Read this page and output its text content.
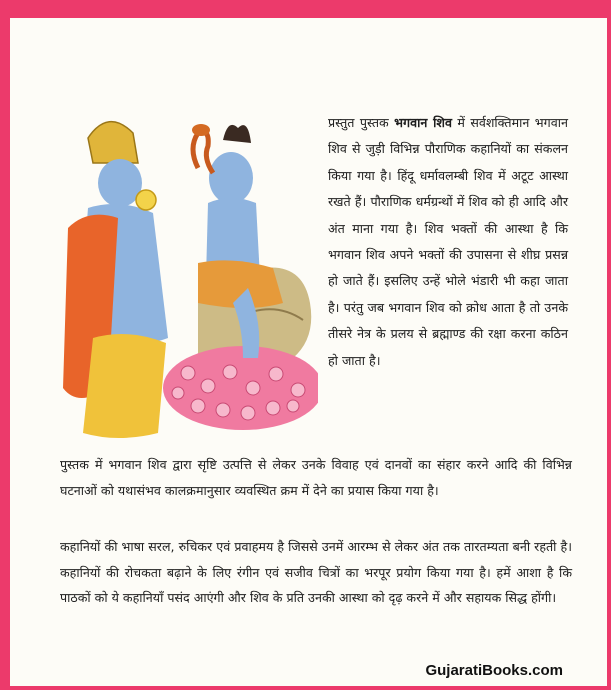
प्रस्तुत पुस्तक भगवान शिव में सर्वशक्तिमान भगवान शिव से जुड़ी विभिन्न पौराणिक कहानियों का संकलन किया गया है। हिंदू धर्मावलम्बी शिव में अटूट आस्था रखते हैं। पौराणिक धर्मग्रन्थों में शिव को ही आदि और अंत माना गया है। शिव भक्तों की आस्था है कि भगवान शिव अपने भक्तों की उपासना से शीघ्र प्रसन्न हो जाते हैं। इसलिए उन्हें भोले भंडारी भी कहा जाता है। परंतु जब भगवान शिव को क्रोध आता है तो उनके तीसरे नेत्र के प्रलय से ब्रह्माण्ड की रक्षा करना कठिन हो जाता है।
पुस्तक में भगवान शिव द्वारा सृष्टि उत्पत्ति से लेकर उनके विवाह एवं दानवों का संहार करने आदि की विभिन्न घटनाओं को यथासंभव कालक्रमानुसार व्यवस्थित क्रम में देने का प्रयास किया गया है।
कहानियों की भाषा सरल, रुचिकर एवं प्रवाहमय है जिससे उनमें आरम्भ से लेकर अंत तक तारतम्यता बनी रहती है। कहानियों की रोचकता बढ़ाने के लिए रंगीन एवं सजीव चित्रों का भरपूर प्रयोग किया गया है। हमें आशा है कि पाठकों को ये कहानियाँ पसंद आएंगी और शिव के प्रति उनकी आस्था को दृढ़ करने में और सहायक सिद्ध होंगी।
GujaratiBooks.com
